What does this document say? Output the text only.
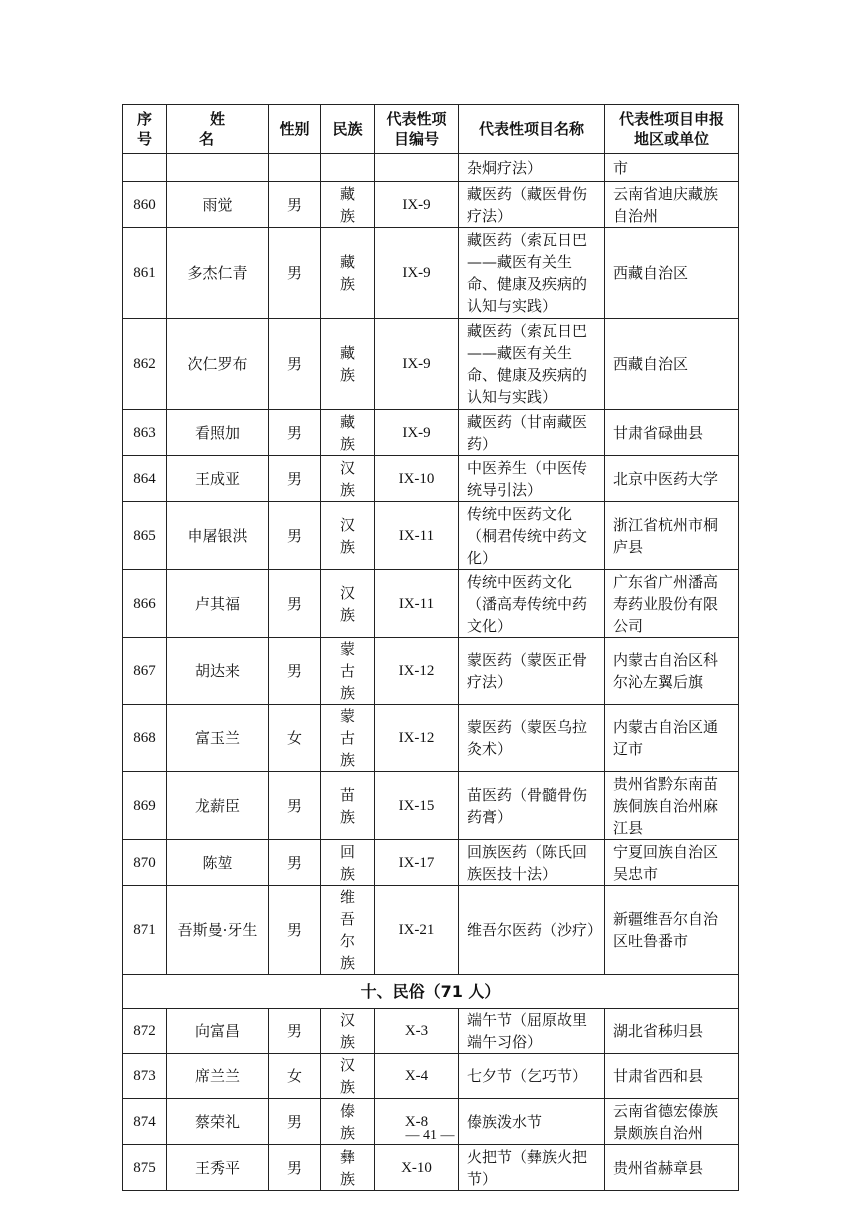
序号	姓 名	性别	民族	代表性项目编号	代表性项目名称	代表性项目申报地区或单位
					杂烔疗法）	市
860	雨觉	男	藏族	IX-9	藏医药（藏医骨伤疗法）	云南省迪庆藏族自治州
861	多杰仁青	男	藏族	IX-9	藏医药（索瓦日巴——藏医有关生命、健康及疾病的认知与实践）	西藏自治区
862	次仁罗布	男	藏族	IX-9	藏医药（索瓦日巴——藏医有关生命、健康及疾病的认知与实践）	西藏自治区
863	看照加	男	藏族	IX-9	藏医药（甘南藏医药）	甘肃省碌曲县
864	王成亚	男	汉族	IX-10	中医养生（中医传统导引法）	北京中医药大学
865	申屠银洪	男	汉族	IX-11	传统中医药文化（桐君传统中药文化）	浙江省杭州市桐庐县
866	卢其福	男	汉族	IX-11	传统中医药文化（潘高寿传统中药文化）	广东省广州潘高寿药业股份有限公司
867	胡达来	男	蒙古族	IX-12	蒙医药（蒙医正骨疗法）	内蒙古自治区科尔沁左翼后旗
868	富玉兰	女	蒙古族	IX-12	蒙医药（蒙医乌拉灸术）	内蒙古自治区通辽市
869	龙薪臣	男	苗族	IX-15	苗医药（骨髓骨伤药膏）	贵州省黔东南苗族侗族自治州麻江县
870	陈堃	男	回族	IX-17	回族医药（陈氏回族医技十法）	宁夏回族自治区吴忠市
871	吾斯曼·牙生	男	维吾尔族	IX-21	维吾尔医药（沙疗）	新疆维吾尔自治区吐鲁番市
十、民俗（71 人）						
872	向富昌	男	汉族	X-3	端午节（屈原故里端午习俗）	湖北省秭归县
873	席兰兰	女	汉族	X-4	七夕节（乞巧节）	甘肃省西和县
874	蔡荣礼	男	傣族	X-8	傣族泼水节	云南省德宏傣族景颇族自治州
875	王秀平	男	彝族	X-10	火把节（彝族火把节）	贵州省赫章县
— 41 —
